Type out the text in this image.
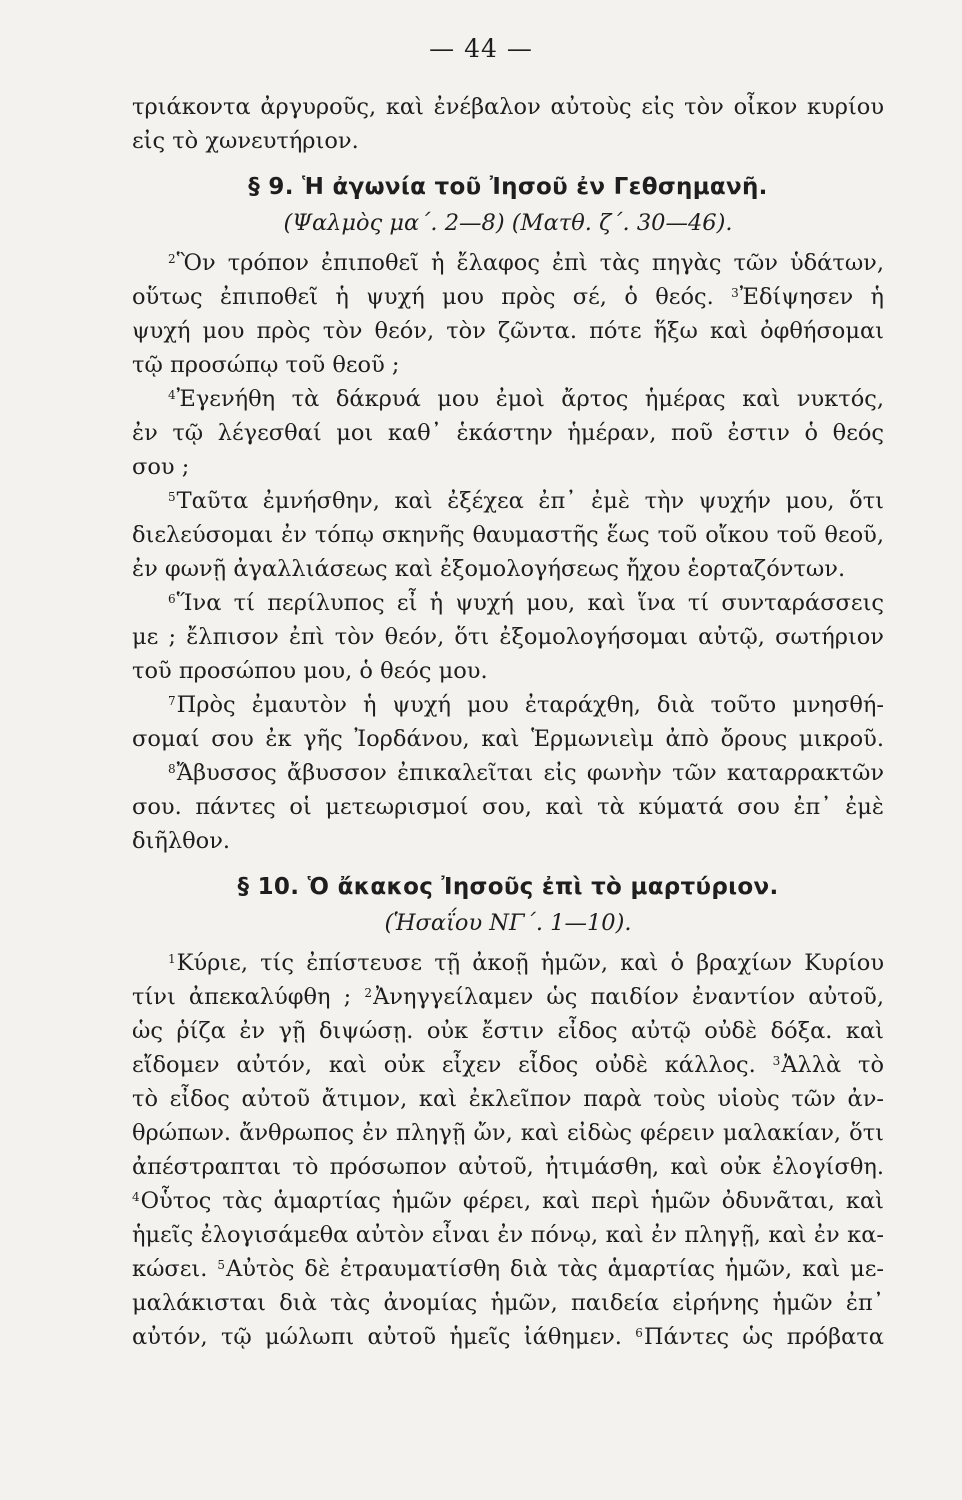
— 44 —

τριάκοντα ἀργυροῦς, καὶ ἐνέβαλον αὐτοὺς εἰς τὸν οἶκον κυρίου

εἰς τὸ χωνευτήριον.

§ 9. Ἡ ἀγωνία τοῦ Ἰησοῦ ἐν Γεθσημανῆ.
(Ψαλμὸς μα΄. 2—8) (Ματθ. ζ΄. 30—46).

$^2$Ὃν τρόπον ἐπιποθεῖ ἡ ἔλαφος ἐπὶ τὰς πηγὰς τῶν ὑδάτων,

οὕτως ἐπιποθεῖ ἡ ψυχή μου πρὸς σέ, ὁ θεός. $^3$Ἐδίψησεν ἡ

ψυχή μου πρὸς τὸν θεόν, τὸν ζῶντα. πότε ἥξω καὶ ὀφθήσομαι

τῷ προσώπῳ τοῦ θεοῦ ;

$^4$Ἐγενήθη τὰ δάκρυά μου ἐμοὶ ἄρτος ἡμέρας καὶ νυκτός,

ἐν τῷ λέγεσθαί μοι καθ᾿ ἑκάστην ἡμέραν, ποῦ ἐστιν ὁ θεός

σου ;

$^5$Ταῦτα ἐμνήσθην, καὶ ἐξέχεα ἐπ᾿ ἐμὲ τὴν ψυχήν μου, ὅτι

διελεύσομαι ἐν τόπῳ σκηνῆς θαυμαστῆς ἕως τοῦ οἴκου τοῦ θεοῦ,

ἐν φωνῇ ἀγαλλιάσεως καὶ ἐξομολογήσεως ἤχου ἑορταζόντων.

$^6$Ἵνα τί περίλυπος εἶ ἡ ψυχή μου, καὶ ἵνα τί συνταράσσεις

με ; ἔλπισον ἐπὶ τὸν θεόν, ὅτι ἐξομολογήσομαι αὐτῷ, σωτήριον

τοῦ προσώπου μου, ὁ θεός μου.

$^7$Πρὸς ἐμαυτὸν ἡ ψυχή μου ἐταράχθη, διὰ τοῦτο μνησθή-

σομαί σου ἐκ γῆς Ἰορδάνου, καὶ Ἑρμωνιεὶμ ἀπὸ ὄρους μικροῦ.

$^8$Ἄβυσσος ἄβυσσον ἐπικαλεῖται εἰς φωνὴν τῶν καταρρακτῶν

σου. πάντες οἱ μετεωρισμοί σου, καὶ τὰ κύματά σου ἐπ᾿ ἐμὲ

διῆλθον.

§ 10. Ὁ ἄκακος Ἰησοῦς ἐπὶ τὸ μαρτύριον.
(Ἡσαΐου ΝΓ΄. 1—10).

$^1$Κύριε, τίς ἐπίστευσε τῇ ἀκοῇ ἡμῶν, καὶ ὁ βραχίων Κυρίου

τίνι ἀπεκαλύφθη ; $^2$Ἀνηγγείλαμεν ὡς παιδίον ἐναντίον αὐτοῦ,

ὡς ῥίζα ἐν γῇ διψώσῃ. οὐκ ἔστιν εἶδος αὐτῷ οὐδὲ δόξα. καὶ

εἴδομεν αὐτόν, καὶ οὐκ εἶχεν εἶδος οὐδὲ κάλλος. $^3$Ἀλλὰ τὸ

τὸ εἶδος αὐτοῦ ἄτιμον, καὶ ἐκλεῖπον παρὰ τοὺς υἱοὺς τῶν ἀν-

θρώπων. ἄνθρωπος ἐν πληγῇ ὤν, καὶ εἰδὼς φέρειν μαλακίαν, ὅτι

ἀπέστραπται τὸ πρόσωπον αὐτοῦ, ἠτιμάσθη, καὶ οὐκ ἐλογίσθη.

$^4$Οὗτος τὰς ἁμαρτίας ἡμῶν φέρει, καὶ περὶ ἡμῶν ὀδυνᾶται, καὶ

ἡμεῖς ἐλογισάμεθα αὐτὸν εἶναι ἐν πόνῳ, καὶ ἐν πληγῇ, καὶ ἐν κα-

κώσει. $^5$Αὐτὸς δὲ ἐτραυματίσθη διὰ τὰς ἁμαρτίας ἡμῶν, καὶ με-

μαλάκισται διὰ τὰς ἀνομίας ἡμῶν, παιδεία εἰρήνης ἡμῶν ἐπ᾿

αὐτόν, τῷ μώλωπι αὐτοῦ ἡμεῖς ἰάθημεν. $^6$Πάντες ὡς πρόβατα
